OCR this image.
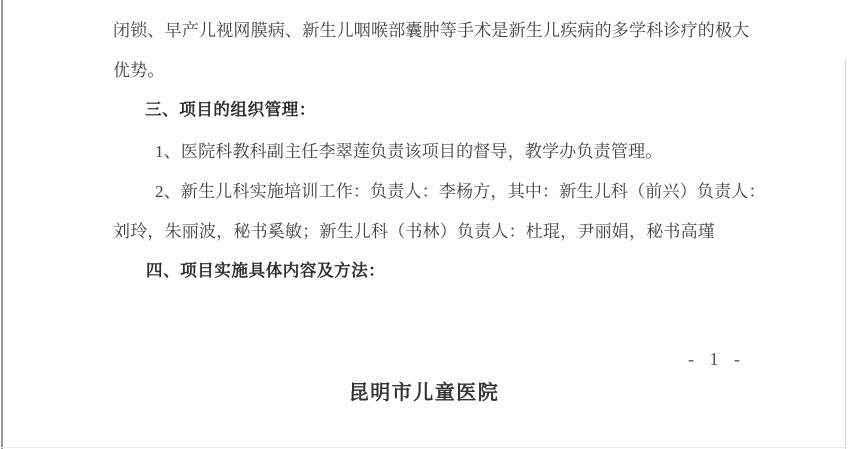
闭锁、早产儿视网膜病、新生儿咽喉部囊肿等手术是新生儿疾病的多学科诊疗的极大
优势。
三、项目的组织管理：
1、医院科教科副主任李翠莲负责该项目的督导，教学办负责管理。
2、新生儿科实施培训工作：负责人：李杨方，其中：新生儿科（前兴）负责人：
刘玲，朱丽波，秘书奚敏；新生儿科（书林）负责人：杜琨，尹丽娟，秘书高瑾
四、项目实施具体内容及方法：
- 1 -
昆明市儿童医院
